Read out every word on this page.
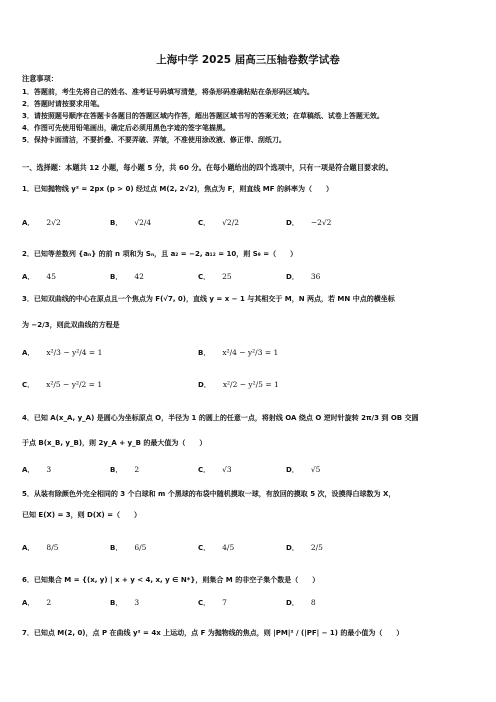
上海中学 2025 届高三压轴卷数学试卷
注意事项：
1．答题前，考生先将自己的姓名、准考证号码填写清楚，将条形码准确粘贴在条形码区域内。
2．答题时请按要求用笔。
3．请按照题号顺序在答题卡各题目的答题区域内作答，超出答题区域书写的答案无效；在草稿纸、试卷上答题无效。
4．作图可先使用铅笔画出，确定后必须用黑色字迹的签字笔描黑。
5．保持卡面清洁，不要折叠、不要弄破、弄皱，不准使用涂改液、修正带、刮纸刀。
一、选择题：本题共 12 小题，每小题 5 分，共 60 分。在每小题给出的四个选项中，只有一项是符合题目要求的。
1．已知抛物线 y² = 2px (p > 0) 经过点 M(2, 2√2)，焦点为 F，则直线 MF 的斜率为（　　）
A． 2√2	B． √2/4	C． √2/2	D． −2√2
2．已知等差数列 {aₙ} 的前 n 项和为 Sₙ，且 a₂ = −2, a₁₂ = 10，则 S₉ =（　　）
A． 45	B． 42	C． 25	D． 36
3．已知双曲线的中心在原点且一个焦点为 F(√7, 0)，直线 y = x − 1 与其相交于 M，N 两点，若 MN 中点的横坐标
为 −2/3，则此双曲线的方程是
A． x²/3 − y²/4 = 1	B． x²/4 − y²/3 = 1
C． x²/5 − y²/2 = 1	D． x²/2 − y²/5 = 1
4．已知 A(x_A, y_A) 是圆心为坐标原点 O，半径为 1 的圆上的任意一点，将射线 OA 绕点 O 逆时针旋转 2π/3 到 OB 交圆
于点 B(x_B, y_B)，则 2y_A + y_B 的最大值为（　　）
A． 3	B． 2	C． √3	D． √5
5．从装有除颜色外完全相同的 3 个白球和 m 个黑球的布袋中随机摸取一球，有放回的摸取 5 次，设摸得白球数为 X，
已知 E(X) = 3，则 D(X) =（　　）
A． 8/5	B． 6/5	C． 4/5	D． 2/5
6．已知集合 M = {(x, y) | x + y < 4, x, y ∈ N*}，则集合 M 的非空子集个数是（　　）
A． 2	B． 3	C． 7	D． 8
7．已知点 M(2, 0)，点 P 在曲线 y² = 4x 上运动，点 F 为抛物线的焦点，则 |PM|² / (|PF| − 1) 的最小值为（　　）
